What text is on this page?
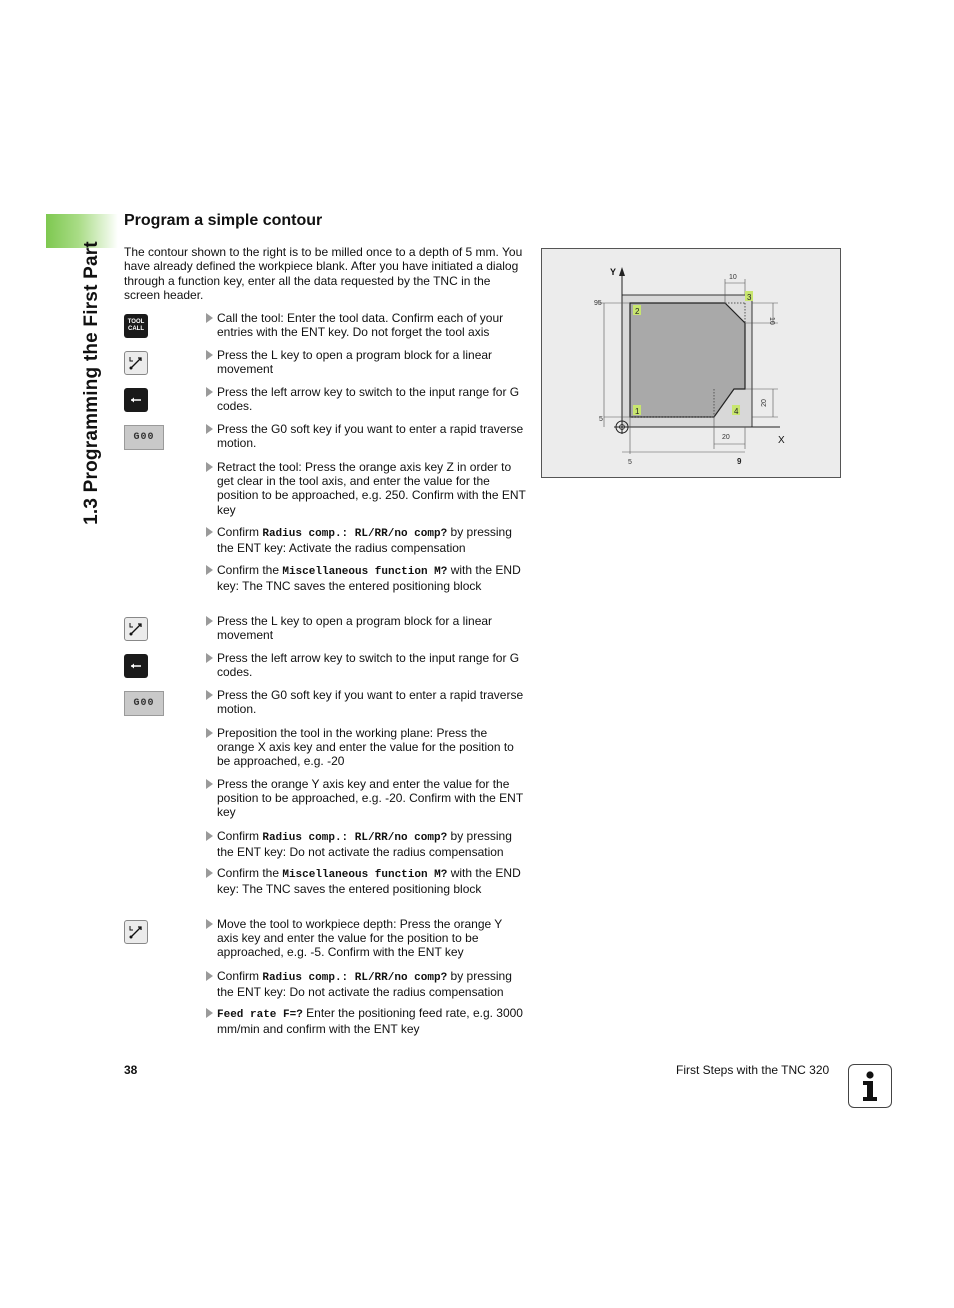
1.3 Programming the First Part
Program a simple contour

The contour shown to the right is to be milled once to a depth of 5 mm. You have already defined the workpiece blank. After you have initiated a dialog through a function key, enter all the data requested by the TNC in the screen header.

TOOL
CALL
G00
G00
Call the tool: Enter the tool data. Confirm each of your entries with the ENT key. Do not forget the tool axis
Press the L key to open a program block for a linear movement
Press the left arrow key to switch to the input range for G codes.
Press the G0 soft key if you want to enter a rapid traverse motion.
Retract the tool: Press the orange axis key Z in order to get clear in the tool axis, and enter the value for the position to be approached, e.g. 250. Confirm with the ENT key
Confirm Radius comp.: RL/RR/no comp? by pressing the ENT key: Activate the radius compensation
Confirm the Miscellaneous function M? with the END key: The TNC saves the entered positioning block
Press the L key to open a program block for a linear movement
Press the left arrow key to switch to the input range for G codes.
Press the G0 soft key if you want to enter a rapid traverse motion.
Preposition the tool in the working plane: Press the orange X axis key and enter the value for the position to be approached, e.g. -20
Press the orange Y axis key and enter the value for the position to be approached, e.g. -20. Confirm with the ENT key
Confirm Radius comp.: RL/RR/no comp? by pressing the ENT key: Do not activate the radius compensation
Confirm the Miscellaneous function M? with the END key: The TNC saves the entered positioning block
Move the tool to workpiece depth: Press the orange Y axis key and enter the value for the position to be approached, e.g. -5. Confirm with the ENT key
Confirm Radius comp.: RL/RR/no comp? by pressing the ENT key: Do not activate the radius compensation
Feed rate F=? Enter the positioning feed rate, e.g. 3000 mm/min and confirm with the ENT key
Y
X
10
10
20
20
95
5
5	9
1
2
3
4
38	First Steps with the TNC 320
